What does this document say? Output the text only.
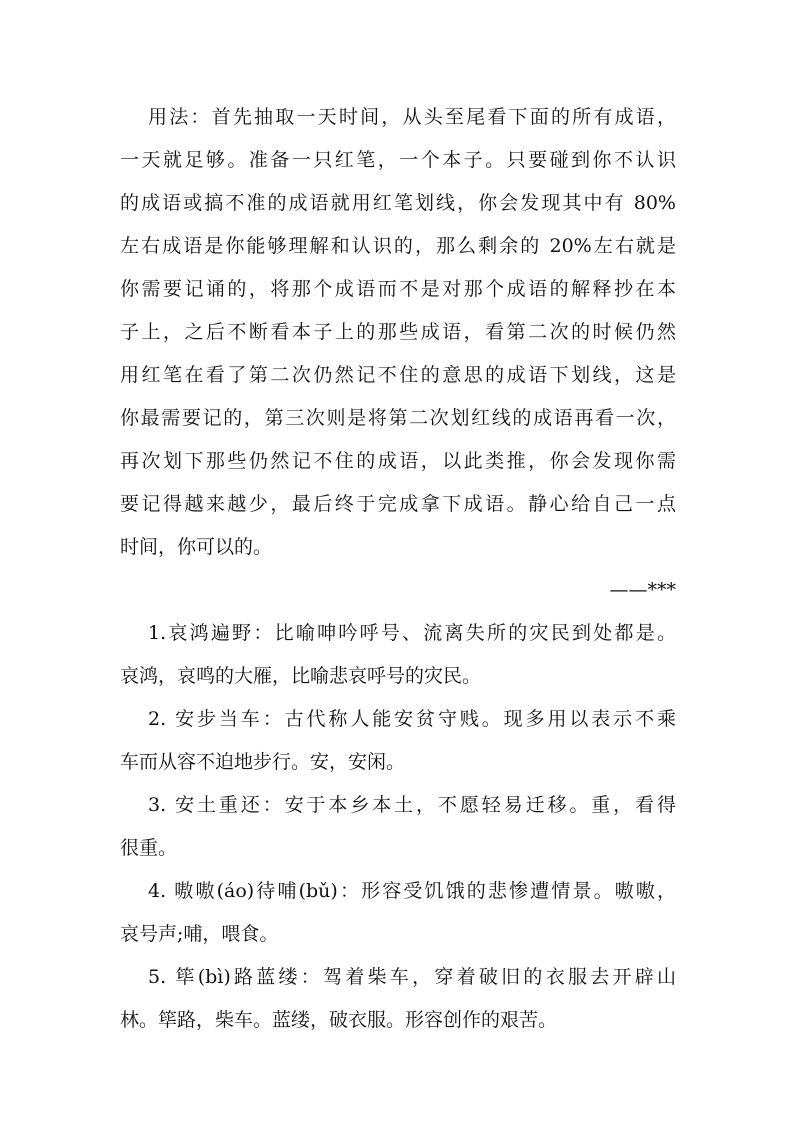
用法：首先抽取一天时间，从头至尾看下面的所有成语，
一天就足够。准备一只红笔，一个本子。只要碰到你不认识
的成语或搞不准的成语就用红笔划线，你会发现其中有 80%
左右成语是你能够理解和认识的，那么剩余的 20%左右就是
你需要记诵的，将那个成语而不是对那个成语的解释抄在本
子上，之后不断看本子上的那些成语，看第二次的时候仍然
用红笔在看了第二次仍然记不住的意思的成语下划线，这是
你最需要记的，第三次则是将第二次划红线的成语再看一次，
再次划下那些仍然记不住的成语，以此类推，你会发现你需
要记得越来越少，最后终于完成拿下成语。静心给自己一点
时间，你可以的。
——***
1.哀鸿遍野：比喻呻吟呼号、流离失所的灾民到处都是。
哀鸿，哀鸣的大雁，比喻悲哀呼号的灾民。
2. 安步当车：古代称人能安贫守贱。现多用以表示不乘
车而从容不迫地步行。安，安闲。
3. 安土重还：安于本乡本土，不愿轻易迁移。重，看得
很重。
4. 嗷嗷(áo)待哺(bǔ)：形容受饥饿的悲惨遭情景。嗷嗷，
哀号声;哺，喂食。
5. 筚(bì)路蓝缕：驾着柴车，穿着破旧的衣服去开辟山
林。筚路，柴车。蓝缕，破衣服。形容创作的艰苦。
